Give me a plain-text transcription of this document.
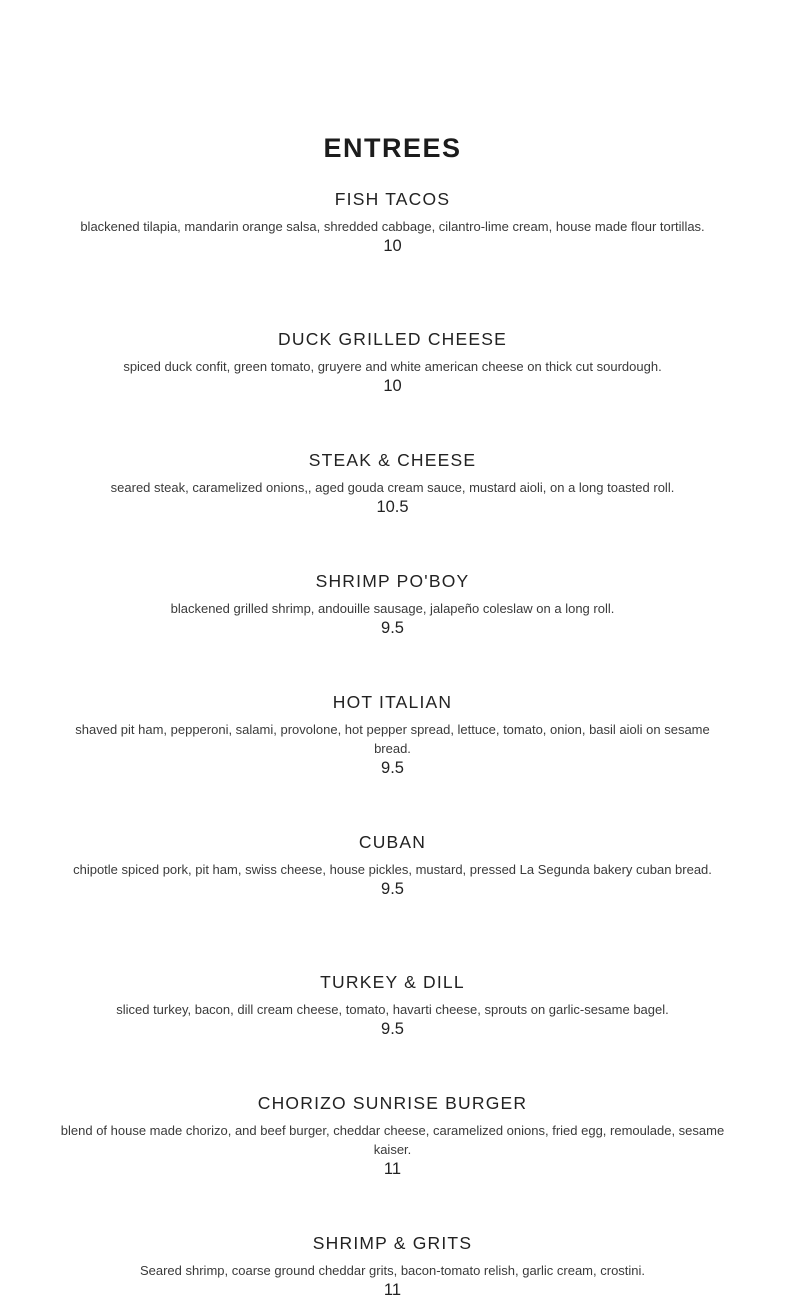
ENTREES

FISH TACOS

blackened tilapia, mandarin orange salsa, shredded cabbage, cilantro-lime cream, house made flour tortillas.

10

DUCK GRILLED CHEESE

spiced duck confit, green tomato, gruyere and white american cheese on thick cut sourdough.

10

STEAK & CHEESE

seared steak, caramelized onions,, aged gouda cream sauce, mustard aioli, on a long toasted roll.

10.5

SHRIMP PO'BOY

blackened grilled shrimp, andouille sausage, jalapeño coleslaw on a long roll.

9.5

HOT ITALIAN

shaved pit ham, pepperoni, salami, provolone, hot pepper spread, lettuce, tomato, onion, basil aioli on sesame bread.

9.5

CUBAN

chipotle spiced pork, pit ham, swiss cheese, house pickles, mustard, pressed La Segunda bakery cuban bread.

9.5

TURKEY & DILL

sliced turkey, bacon, dill cream cheese, tomato, havarti cheese, sprouts on garlic-sesame bagel.

9.5

CHORIZO SUNRISE BURGER

blend of house made chorizo, and beef burger, cheddar cheese, caramelized onions, fried egg, remoulade, sesame kaiser.

11

SHRIMP & GRITS

Seared shrimp, coarse ground cheddar grits, bacon-tomato relish, garlic cream, crostini.

11
